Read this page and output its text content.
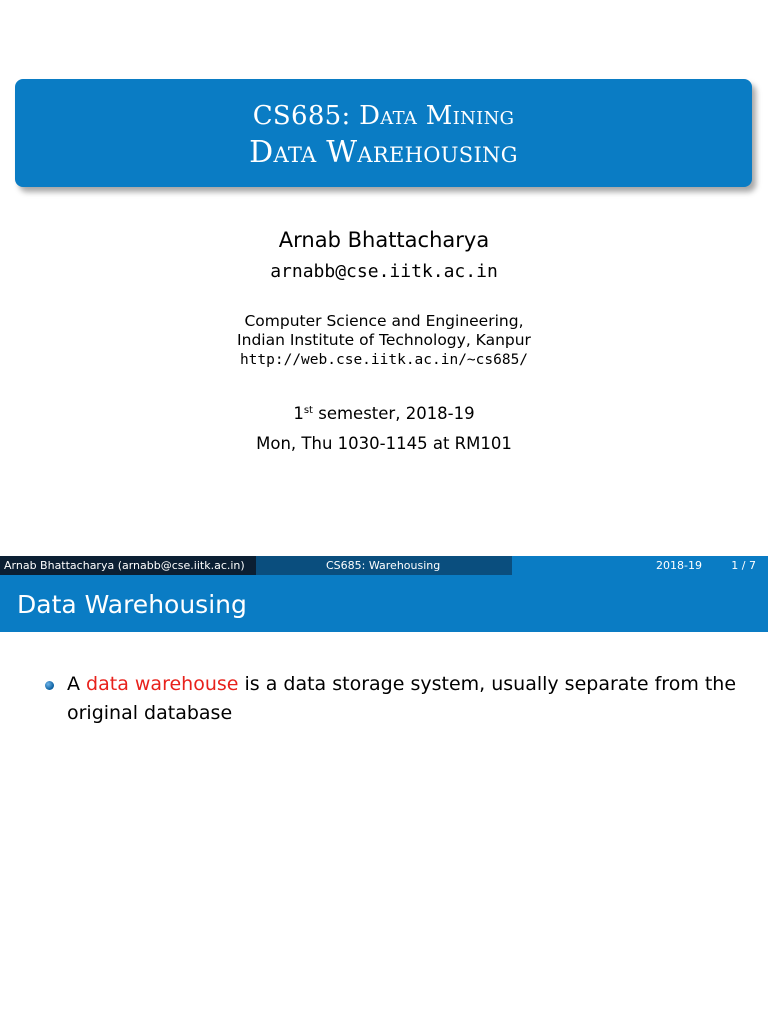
CS685: Data Mining
Data Warehousing
Arnab Bhattacharya
arnabb@cse.iitk.ac.in
Computer Science and Engineering,
Indian Institute of Technology, Kanpur
http://web.cse.iitk.ac.in/~cs685/
1st semester, 2018-19
Mon, Thu 1030-1145 at RM101
Arnab Bhattacharya (arnabb@cse.iitk.ac.in)	CS685: Warehousing	2018-19	1 / 7
Data Warehousing
A data warehouse is a data storage system, usually separate from the original database
